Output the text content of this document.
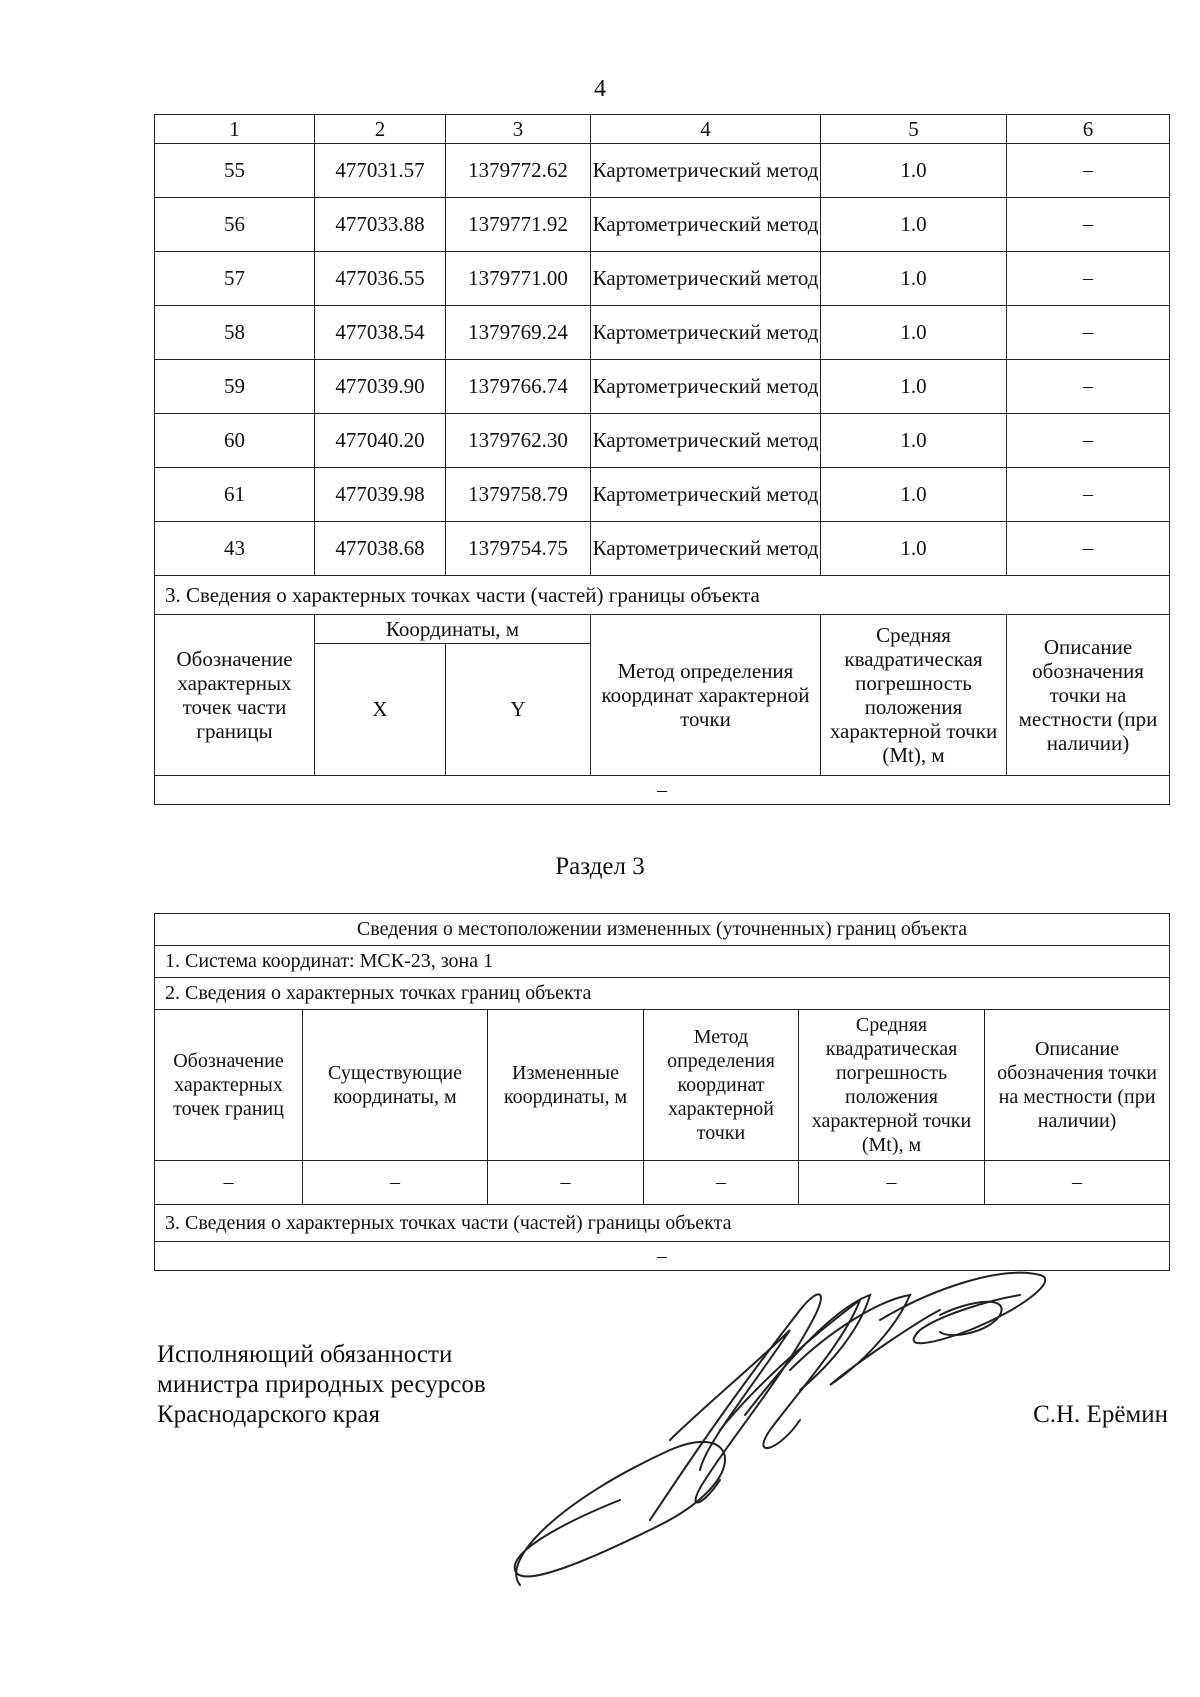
4
1	2	3	4	5	6
55	477031.57	1379772.62	Картометрический метод	1.0	–
56	477033.88	1379771.92	Картометрический метод	1.0	–
57	477036.55	1379771.00	Картометрический метод	1.0	–
58	477038.54	1379769.24	Картометрический метод	1.0	–
59	477039.90	1379766.74	Картометрический метод	1.0	–
60	477040.20	1379762.30	Картометрический метод	1.0	–
61	477039.98	1379758.79	Картометрический метод	1.0	–
43	477038.68	1379754.75	Картометрический метод	1.0	–
3. Сведения о характерных точках части (частей) границы объекта					
Обозначение характерных точек части границы	Координаты, м		Метод определения координат характерной точки	Средняя квадратическая погрешность положения характерной точки (Mt), м	Описание обозначения точки на местности (при наличии)
	X	Y			
–					
Раздел 3
Сведения о местоположении измененных (уточненных) границ объекта					
1. Система координат: МСК-23, зона 1					
2. Сведения о характерных точках границ объекта					
Обозначение характерных точек границ	Существующие координаты, м	Измененные координаты, м	Метод определения координат характерной точки	Средняя квадратическая погрешность положения характерной точки (Mt), м	Описание обозначения точки на местности (при наличии)
–	–	–	–	–	–
3. Сведения о характерных точках части (частей) границы объекта					
–					
Исполняющий обязанности
министра природных ресурсов
Краснодарского края	С.Н. Ерёмин
